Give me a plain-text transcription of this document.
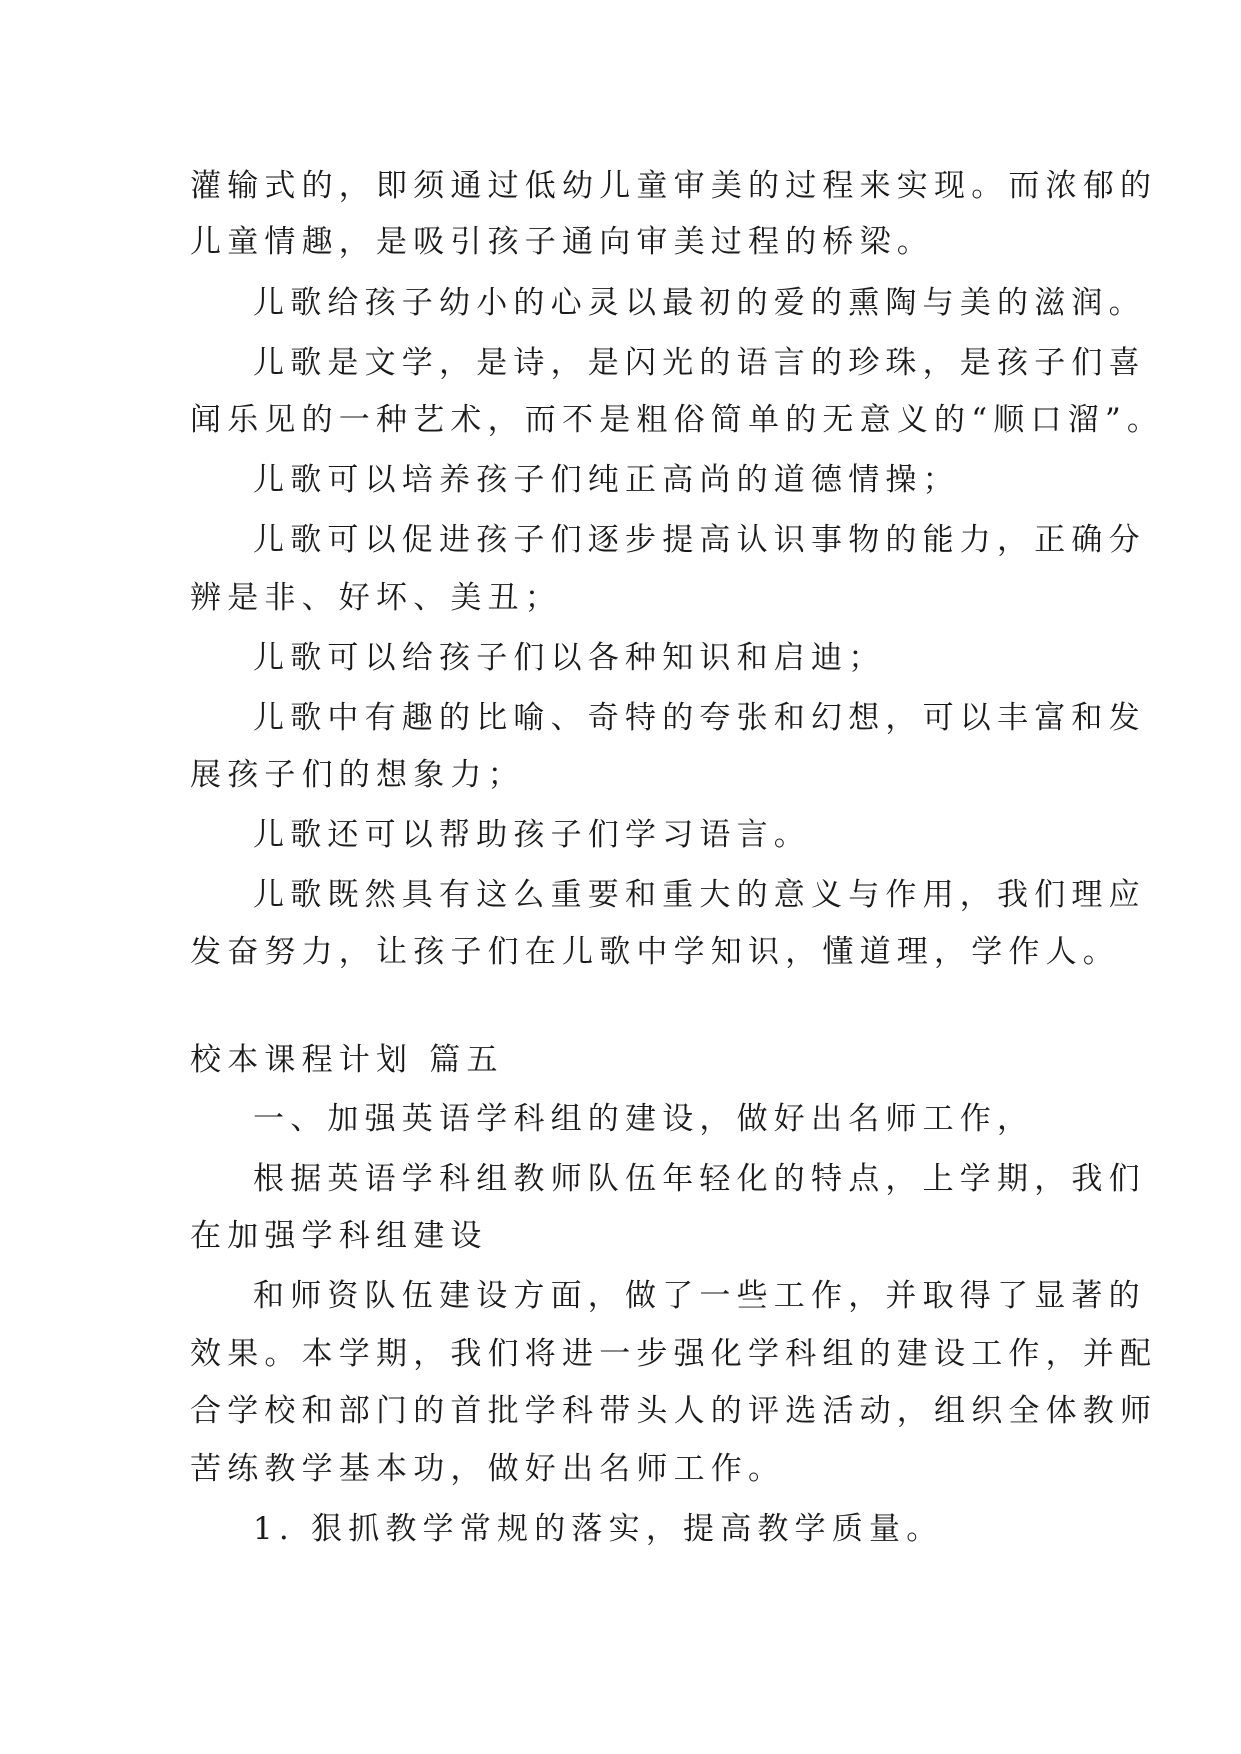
灌输式的，即须通过低幼儿童审美的过程来实现。而浓郁的
儿童情趣，是吸引孩子通向审美过程的桥梁。
儿歌给孩子幼小的心灵以最初的爱的熏陶与美的滋润。
儿歌是文学，是诗，是闪光的语言的珍珠，是孩子们喜
闻乐见的一种艺术，而不是粗俗简单的无意义的“顺口溜”。
儿歌可以培养孩子们纯正高尚的道德情操；
儿歌可以促进孩子们逐步提高认识事物的能力，正确分
辨是非、好坏、美丑；
儿歌可以给孩子们以各种知识和启迪；
儿歌中有趣的比喻、奇特的夸张和幻想，可以丰富和发
展孩子们的想象力；
儿歌还可以帮助孩子们学习语言。
儿歌既然具有这么重要和重大的意义与作用，我们理应
发奋努力，让孩子们在儿歌中学知识，懂道理，学作人。
校本课程计划 篇五
一、加强英语学科组的建设，做好出名师工作，
根据英语学科组教师队伍年轻化的特点，上学期，我们
在加强学科组建设
和师资队伍建设方面，做了一些工作，并取得了显著的
效果。本学期，我们将进一步强化学科组的建设工作，并配
合学校和部门的首批学科带头人的评选活动，组织全体教师
苦练教学基本功，做好出名师工作。
1. 狠抓教学常规的落实，提高教学质量。
